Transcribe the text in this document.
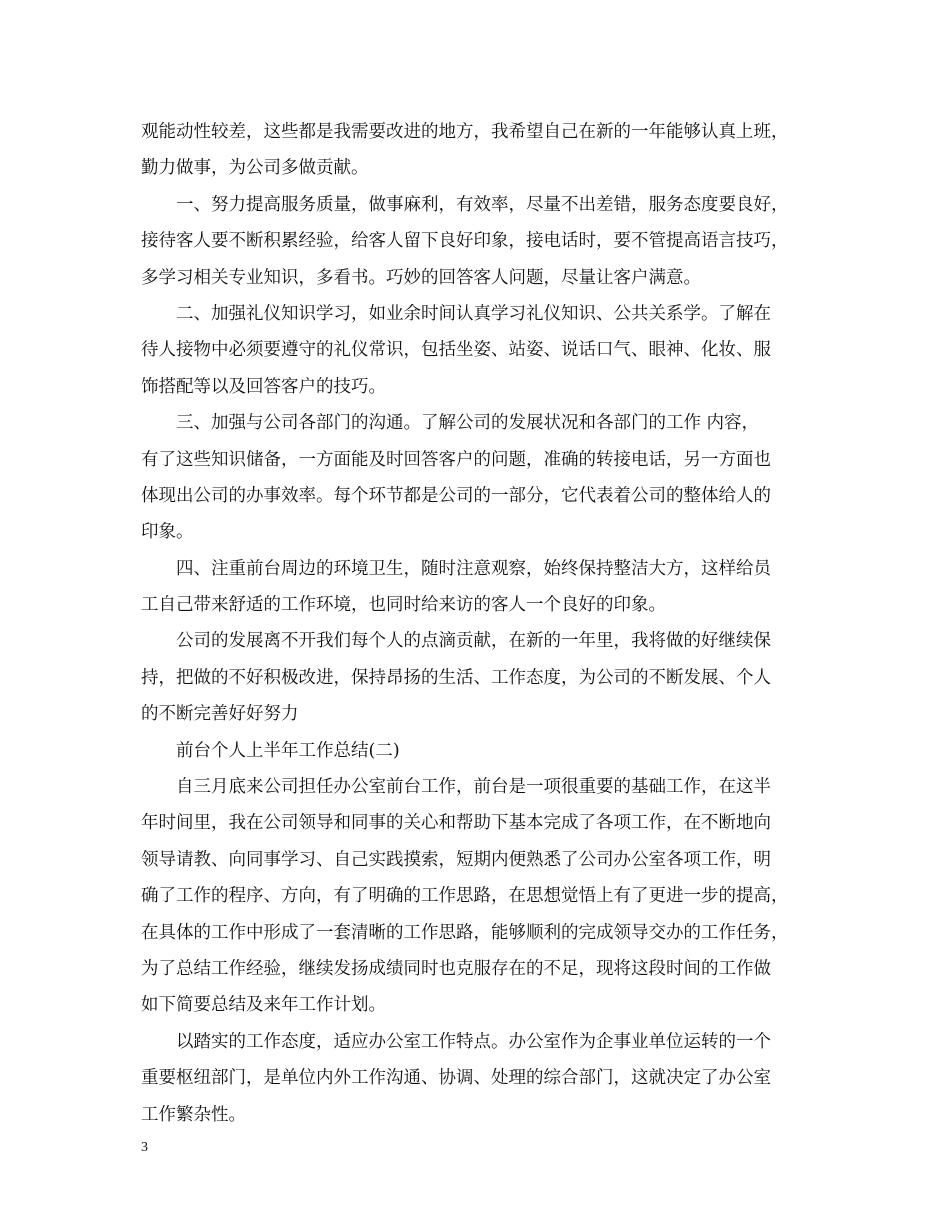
观能动性较差，这些都是我需要改进的地方，我希望自己在新的一年能够认真上班，
勤力做事，为公司多做贡献。
一、努力提高服务质量，做事麻利，有效率，尽量不出差错，服务态度要良好，
接待客人要不断积累经验，给客人留下良好印象，接电话时，要不管提高语言技巧，
多学习相关专业知识，多看书。巧妙的回答客人问题，尽量让客户满意。
二、加强礼仪知识学习，如业余时间认真学习礼仪知识、公共关系学。了解在
待人接物中必须要遵守的礼仪常识，包括坐姿、站姿、说话口气、眼神、化妆、服
饰搭配等以及回答客户的技巧。
三、加强与公司各部门的沟通。了解公司的发展状况和各部门的工作 内容，
有了这些知识储备，一方面能及时回答客户的问题，准确的转接电话，另一方面也
体现出公司的办事效率。每个环节都是公司的一部分，它代表着公司的整体给人的
印象。
四、注重前台周边的环境卫生，随时注意观察，始终保持整洁大方，这样给员
工自己带来舒适的工作环境，也同时给来访的客人一个良好的印象。
公司的发展离不开我们每个人的点滴贡献，在新的一年里，我将做的好继续保
持，把做的不好积极改进，保持昂扬的生活、工作态度，为公司的不断发展、个人
的不断完善好好努力
前台个人上半年工作总结(二)
自三月底来公司担任办公室前台工作，前台是一项很重要的基础工作，在这半
年时间里，我在公司领导和同事的关心和帮助下基本完成了各项工作，在不断地向
领导请教、向同事学习、自己实践摸索，短期内便熟悉了公司办公室各项工作，明
确了工作的程序、方向，有了明确的工作思路，在思想觉悟上有了更进一步的提高，
在具体的工作中形成了一套清晰的工作思路，能够顺利的完成领导交办的工作任务，
为了总结工作经验，继续发扬成绩同时也克服存在的不足，现将这段时间的工作做
如下简要总结及来年工作计划。
以踏实的工作态度，适应办公室工作特点。办公室作为企事业单位运转的一个
重要枢纽部门，是单位内外工作沟通、协调、处理的综合部门，这就决定了办公室
工作繁杂性。
3
